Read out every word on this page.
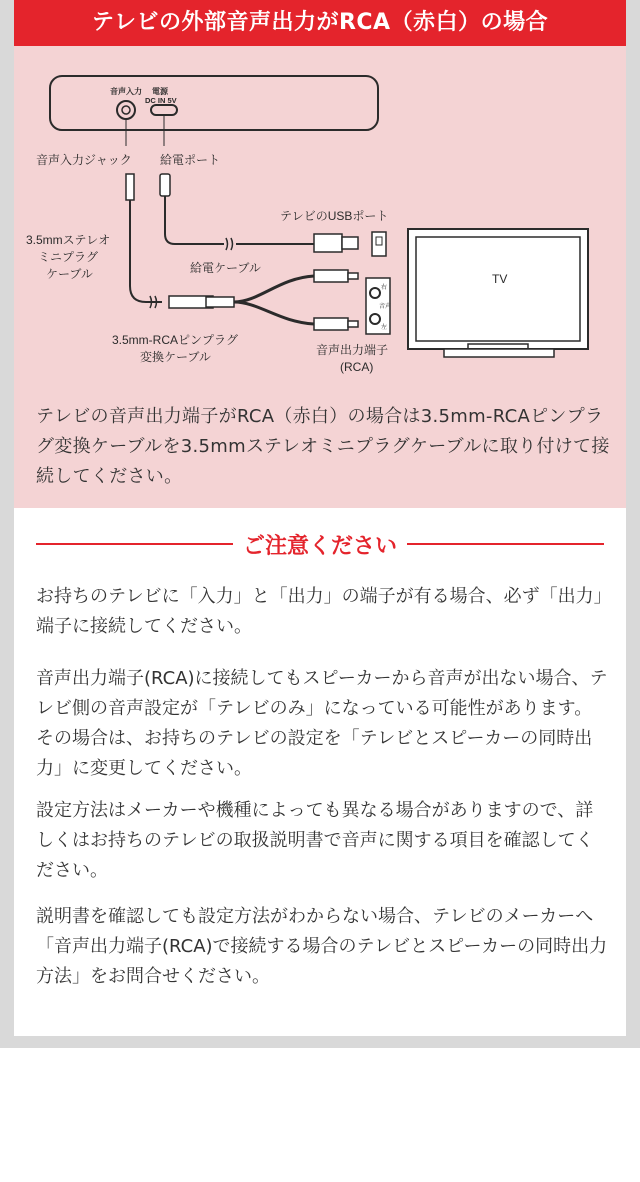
テレビの外部音声出力がRCA（赤白）の場合
音声入力 電源
DC IN 5V
音声入力ジャック 給電ポート
テレビのUSBポート
3.5mmステレオ
ミニプラグ
ケーブル	給電ケーブル
3.5mm-RCAピンプラグ
変換ケーブル
右
音声
左
音声出力端子
(RCA)
TV
テレビの音声出力端子がRCA（赤白）の場合は3.5mm-RCAピンプラグ変換ケーブルを3.5mmステレオミニプラグケーブルに取り付けて接続してください。
ご注意ください

お持ちのテレビに「入力」と「出力」の端子が有る場合、必ず「出力」端子に接続してください。

音声出力端子(RCA)に接続してもスピーカーから音声が出ない場合、テレビ側の音声設定が「テレビのみ」になっている可能性があります。その場合は、お持ちのテレビの設定を「テレビとスピーカーの同時出力」に変更してください。

設定方法はメーカーや機種によっても異なる場合がありますので、詳しくはお持ちのテレビの取扱説明書で音声に関する項目を確認してください。

説明書を確認しても設定方法がわからない場合、テレビのメーカーへ「音声出力端子(RCA)で接続する場合のテレビとスピーカーの同時出力方法」をお問合せください。
